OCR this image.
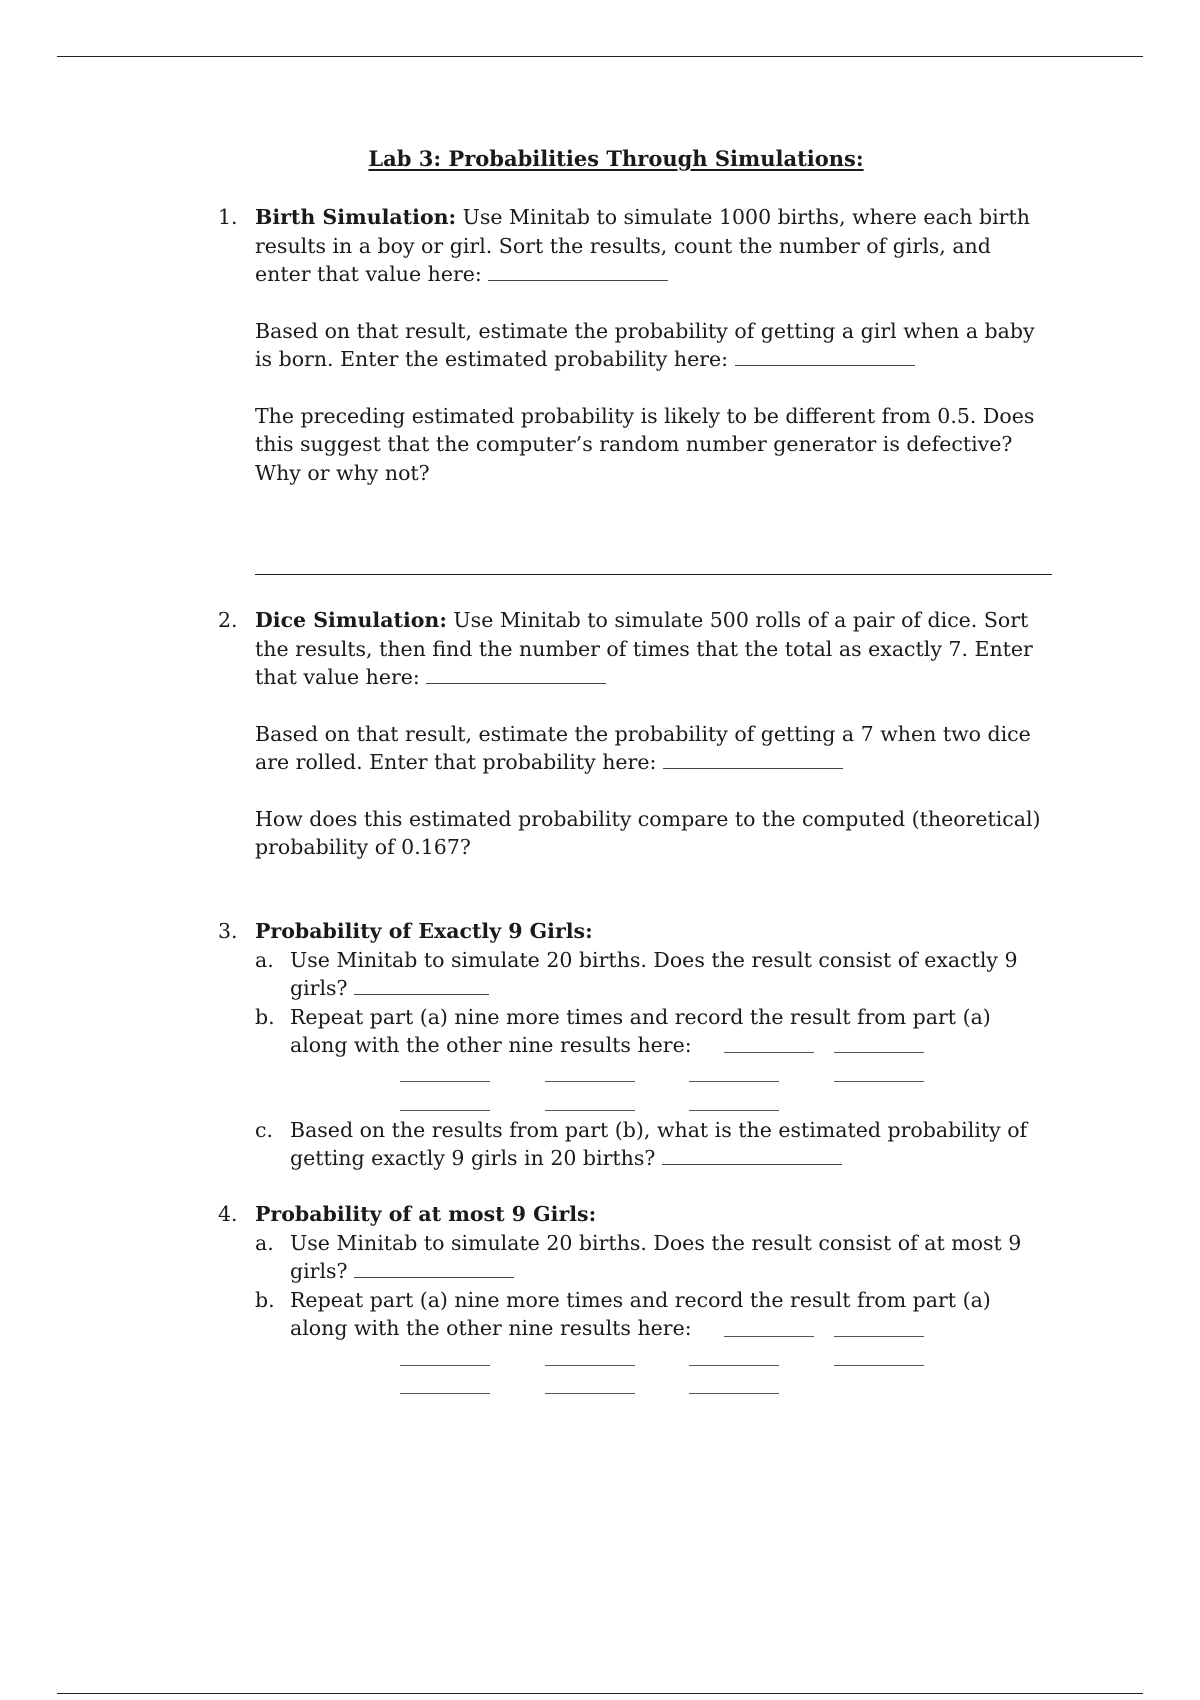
Lab 3: Probabilities Through Simulations:
1. Birth Simulation: Use Minitab to simulate 1000 births, where each birth results in a boy or girl. Sort the results, count the number of girls, and enter that value here:

Based on that result, estimate the probability of getting a girl when a baby is born. Enter the estimated probability here:

The preceding estimated probability is likely to be different from 0.5. Does this suggest that the computer’s random number generator is defective? Why or why not?

2. Dice Simulation: Use Minitab to simulate 500 rolls of a pair of dice. Sort the results, then find the number of times that the total as exactly 7. Enter that value here:

Based on that result, estimate the probability of getting a 7 when two dice are rolled. Enter that probability here:

How does this estimated probability compare to the computed (theoretical) probability of 0.167?

3. Probability of Exactly 9 Girls:

a. Use Minitab to simulate 20 births. Does the result consist of exactly 9 girls?
b. Repeat part (a) nine more times and record the result from part (a) along with the other nine results here:
c. Based on the results from part (b), what is the estimated probability of getting exactly 9 girls in 20 births?
4. Probability of at most 9 Girls:

a. Use Minitab to simulate 20 births. Does the result consist of at most 9 girls?
b. Repeat part (a) nine more times and record the result from part (a) along with the other nine results here:
